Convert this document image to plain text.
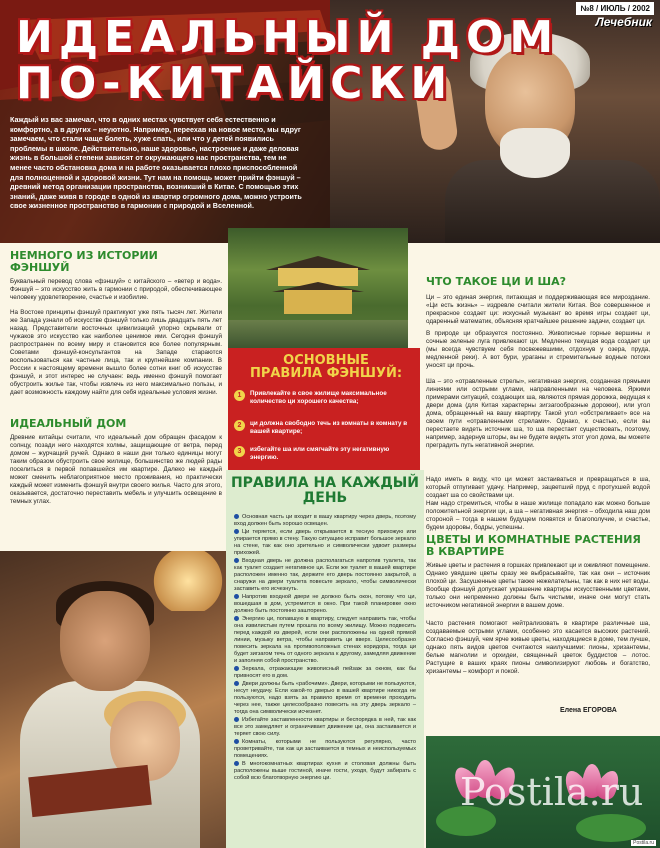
ИДЕАЛЬНЫЙ ДОМ
ПО-КИТАЙСКИ
№8 / ИЮЛЬ / 2002
Лечебник
Каждый из вас замечал, что в одних местах чувствует себя естественно и комфортно, а в других – неуютно. Например, переехав на новое место, мы вдруг замечаем, что стали чаще болеть, хуже спать, или что у детей появились проблемы в школе. Действительно, наше здоровье, настроение и даже деловая жизнь в большой степени зависят от окружающего нас пространства, тем не менее часто обстановка дома и на работе оказывается плохо приспособленной для полноценной и здоровой жизни. Тут нам на помощь может прийти фэншуй – древний метод организации пространства, возникший в Китае. С помощью этих знаний, даже живя в городе в одной из квартир огромного дома, можно устроить свое жизненное пространство в гармонии с природой и Вселенной.
НЕМНОГО ИЗ ИСТОРИИ ФЭНШУЙ
Буквальный перевод слова «фэншуй» с китайского – «ветер и вода». Фэншуй – это искусство жить в гармонии с природой, обеспечивающее человеку удовлетворение, счастье и изобилие.
На Востоке принципы фэншуй практикуют уже пять тысяч лет. Жители же Запада узнали об искусстве фэншуй только лишь двадцать пять лет назад. Представители восточных цивилизаций упорно скрывали от чужаков это искусство как наиболее ценимое ими. Сегодня фэншуй распространен по всему миру и становится все более популярным. Советами фэншуй-консультантов на Западе стараются воспользоваться как частные лица, так и крупнейшие компании. В России к настоящему времени вышло более сотни книг об искусстве фэншуй, и этот интерес не случаен: ведь именно фэншуй помогает обустроить жилье так, чтобы извлечь из него максимально пользы, и дает возможность каждому найти для себя идеальные условия жизни.
ИДЕАЛЬНЫЙ ДОМ
Древние китайцы считали, что идеальный дом обращен фасадом к солнцу, позади него находятся холмы, защищающие от ветра, перед домом – журчащий ручей. Однако в наши дни только единицы могут таким образом обустроить свое жилище, большинство же людей рады поселиться в первой попавшейся им квартире. Далеко не каждый может сменить неблагоприятное место проживания, но практически каждый может изменить фэншуй внутри своего жилья. Часто для этого, оказывается, достаточно переставить мебель и улучшить освещение в темных углах.
ОСНОВНЫЕ ПРАВИЛА ФЭНШУЙ:
1	Привлекайте в свое жилище максимальное количество ци хорошего качества;
2	ци должна свободно течь из комнаты в комнату в вашей квартире;
3	избегайте ша или смягчайте эту негативную энергию.
ПРАВИЛА НА КАЖДЫЙ ДЕНЬ
Основная часть ци входит в вашу квартиру через дверь, поэтому вход должен быть хорошо освещен.
Ци теряется, если дверь открывается в тесную прихожую или упирается прямо в стену. Такую ситуацию исправит большое зеркало на стене, так как оно зрительно и символически удвоит размеры прихожей.
Входная дверь не должна располагаться напротив туалета, так как туалет создает негативное ци. Если же туалет в вашей квартире расположен именно так, держите его дверь постоянно закрытой, а снаружи на двери туалета повесьте зеркало, чтобы символически заставить его исчезнуть.
Напротив входной двери не должно быть окон, потому что ци, вошедшая в дом, устремится в окно. При такой планировке окно должно быть постоянно зашторено.
Энергию ци, попавшую в квартиру, следует направить так, чтобы она извилистым путем прошла по всему жилищу. Можно подвесить перед каждой из дверей, если они расположены на одной прямой линии, музыку ветра, чтобы направить ци вверх. Целесообразно повесить зеркала на противоположных стенах коридора, тогда ци будет зигзагом течь от одного зеркала к другому, замедляя движение и заполняя собой пространство.
Зеркала, отражающие живописный пейзаж за окном, как бы привносят его в дом.
Двери должны быть «рабочими». Двери, которыми не пользуются, несут неудачу. Если какой-то дверью в вашей квартире никогда не пользуются, надо взять за правило время от времени проходить через нее, также целесообразно повесить на эту дверь зеркало – тогда она символически исчезнет.
Избегайте заставленности квартиры и беспорядка в ней, так как все это замедляет и ограничивает движение ци, она застаивается и теряет свою силу.
Комнаты, которыми не пользуются регулярно, часто проветривайте, так как ци застаивается в темных и неиспользуемых помещениях.
В многокомнатных квартирах кухня и столовая должны быть расположены выше гостиной, иначе гости, уходя, будут забирать с собой всю благотворную энергию ци.
ЧТО ТАКОЕ ЦИ И ША?
Ци – это единая энергия, питающая и поддерживающая все мироздание. «Ци есть жизнь» – издревле считали жители Китая. Все совершенное и прекрасное создает ци: искусный музыкант во время игры создает ци, одаренный математик, объясняя кратчайшее решение задачи, создает ци.
В природе ци образуется постоянно. Живописные горные вершины и сочные зеленые луга привлекают ци. Медленно текущая вода создает ци (мы всегда чувствуем себя посвежевшими, отдохнув у озера, пруда, медленной реки). А вот бури, ураганы и стремительные водные потоки уносят ци прочь.
Ша – это «отравленные стрелы», негативная энергия, созданная прямыми линиями или острыми углами, направленными на человека. Яркими примерами ситуаций, создающих ша, являются прямая дорожка, ведущая к двери дома (для Китая характерны зигзагообразные дорожки), или угол дома, обращенный на вашу квартиру. Такой угол «обстреливает» все на своем пути «отравленными стрелами». Однако, к счастью, если вы перестаете видеть источник ша, то ша перестает существовать, поэтому, например, задернув шторы, вы не будете видеть этот угол дома, вы можете преградить путь негативной энергии.
Надо иметь в виду, что ци может застаиваться и превращаться в ша, который отпугивает удачу. Например, зацветший пруд с протухшей водой создает ша со свойствами ци.
Нам надо стремиться, чтобы в наше жилище попадало как можно больше положительной энергии ци, а ша – негативная энергия – обходила наш дом стороной – тогда в нашем будущем появятся и благополучие, и счастье, будем здоровы, бодры, успешны.
ЦВЕТЫ И КОМНАТНЫЕ РАСТЕНИЯ В КВАРТИРЕ
Живые цветы и растения в горшках привлекают ци и оживляют помещение. Однако увядшие цветы сразу же выбрасывайте, так как они – источник плохой ци. Засушенные цветы также нежелательны, так как в них нет воды. Вообще фэншуй допускает украшение квартиры искусственными цветами, только они непременно должны быть чистыми, иначе они могут стать источником негативной энергии в вашем доме.
Часто растения помогают нейтрализовать в квартире различные ша, создаваемые острыми углами, особенно это касается высоких растений. Согласно фэншуй, чем ярче живые цветы, находящиеся в доме, тем лучше, однако пять видов цветов считаются наилучшими: пионы, хризантемы, белые магнолии и орхидеи, священный цветок буддистов – лотос. Растущие в ваших краях пионы символизируют любовь и богатство, хризантемы – комфорт и покой.
Елена ЕГОРОВА
Postila.ru
Postila.ru
